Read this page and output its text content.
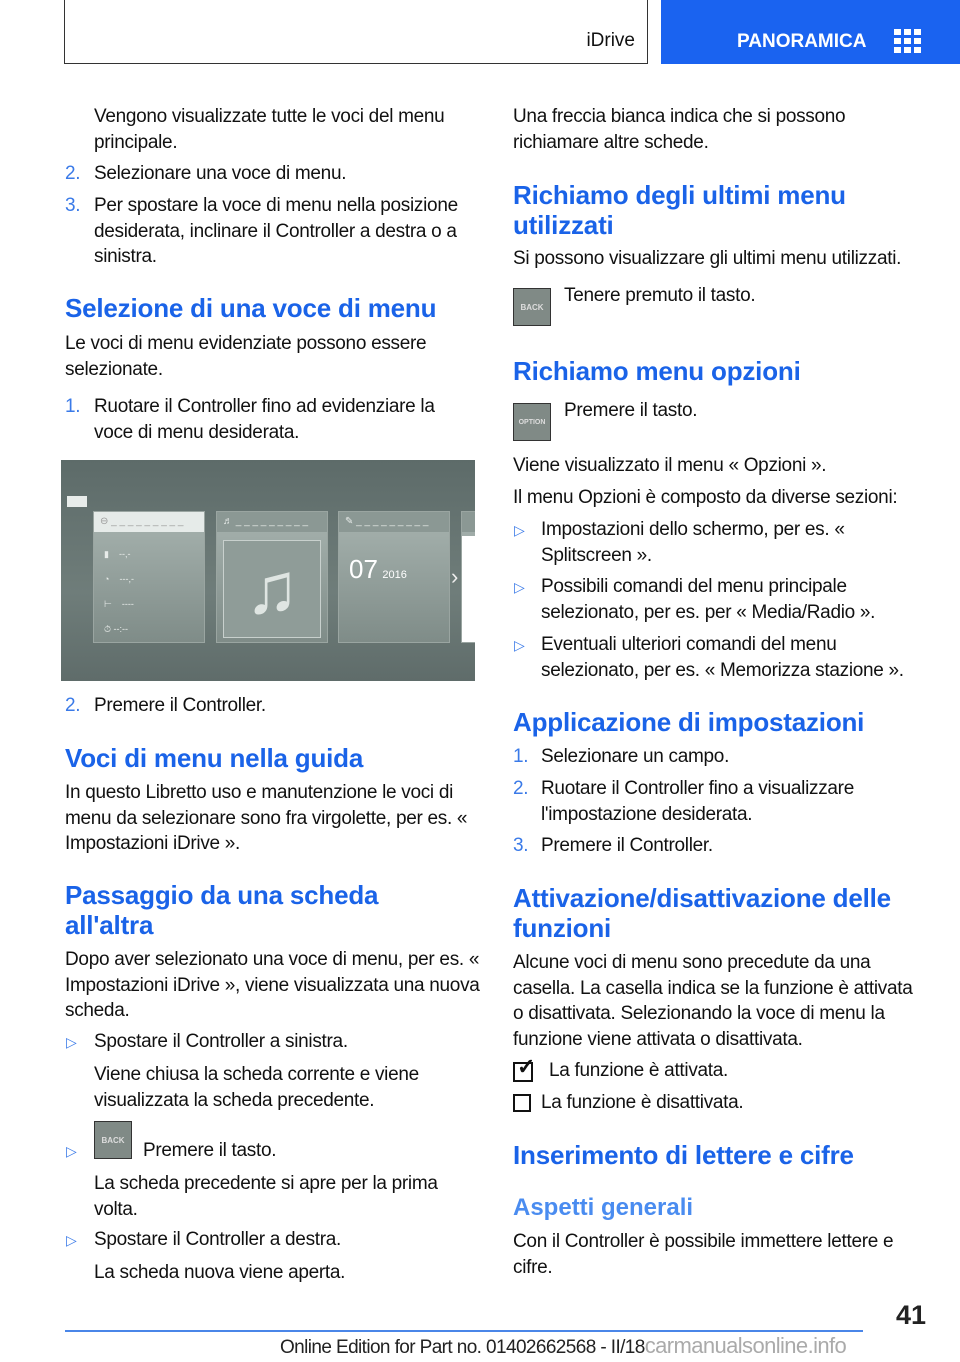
iDrive	PANORAMICA
Vengono visualizzate tutte le voci del menu principale.
2. Selezionare una voce di menu.
3. Per spostare la voce di menu nella posizione desiderata, inclinare il Controller a destra o a sinistra.
Selezione di una voce di menu
Le voci di menu evidenziate possono essere selezionate.
1. Ruotare il Controller fino ad evidenziare la voce di menu desiderata.
⊖ _ _ _ _ _ _ _ _ _
▮ --,-
◔ ---,-
⊢ ----
⏱ --:--
♬ _ _ _ _ _ _ _ _ _
♫
✎ _ _ _ _ _ _ _ _ _
07 2016 ›
2. Premere il Controller.
Voci di menu nella guida
In questo Libretto uso e manutenzione le voci di menu da selezionare sono fra virgolette, per es. « Impostazioni iDrive ».
Passaggio da una scheda all'altra
Dopo aver selezionato una voce di menu, per es. « Impostazioni iDrive », viene visualizzata una nuova scheda.
▷ Spostare il Controller a sinistra.
Viene chiusa la scheda corrente e viene visualizzata la scheda precedente.
▷
BACK Premere il tasto.
La scheda precedente si apre per la prima volta.
▷ Spostare il Controller a destra.
La scheda nuova viene aperta.
Una freccia bianca indica che si possono richiamare altre schede.
Richiamo degli ultimi menu utilizzati
Si possono visualizzare gli ultimi menu utilizzati.
BACK
Tenere premuto il tasto.
Richiamo menu opzioni
OPTION
Premere il tasto.
Viene visualizzato il menu « Opzioni ».
Il menu Opzioni è composto da diverse sezioni:
▷ Impostazioni dello schermo, per es. « Splitscreen ».
▷ Possibili comandi del menu principale selezionato, per es. per « Media/Radio ».
▷ Eventuali ulteriori comandi del menu selezionato, per es. « Memorizza stazione ».
Applicazione di impostazioni
1. Selezionare un campo.
2. Ruotare il Controller fino a visualizzare l'impostazione desiderata.
3. Premere il Controller.
Attivazione/disattivazione delle funzioni
Alcune voci di menu sono precedute da una casella. La casella indica se la funzione è attivata o disattivata. Selezionando la voce di menu la funzione viene attivata o disattivata.
✓ La funzione è attivata.
La funzione è disattivata.
Inserimento di lettere e cifre
Aspetti generali
Con il Controller è possibile immettere lettere e cifre.
41
Online Edition for Part no. 01402662568 - II/18carmanualsonline.info
